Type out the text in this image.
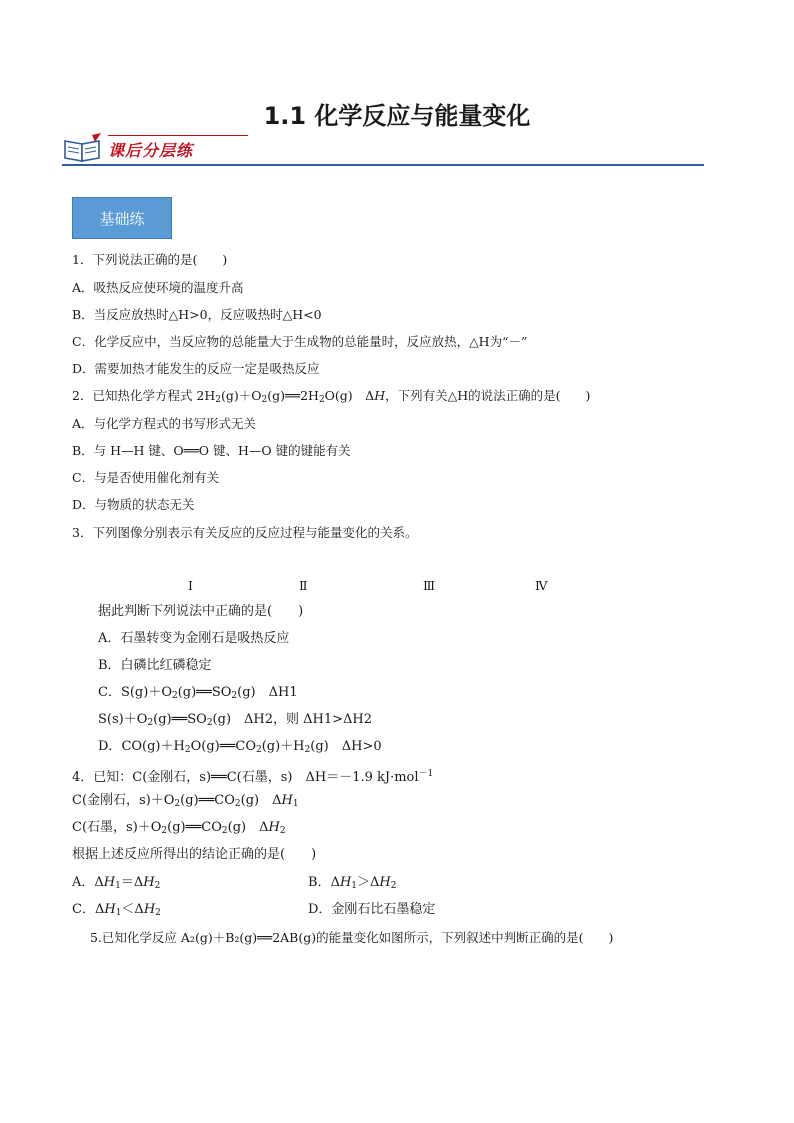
1.1 化学反应与能量变化
课后分层练
基础练
1．下列说法正确的是(　　)
A．吸热反应使环境的温度升高
B．当反应放热时△H>0，反应吸热时△H<0
C．化学反应中，当反应物的总能量大于生成物的总能量时，反应放热，△H为“－”
D．需要加热才能发生的反应一定是吸热反应
2．已知热化学方程式 $2H_2(g)+O_2(g)══2H_2O(g)$　ΔH，下列有关△H的说法正确的是(　　)
A．与化学方程式的书写形式无关
B．与 H—H 键、O══O 键、H—O 键的键能有关
C．与是否使用催化剂有关
D．与物质的状态无关
3．下列图像分别表示有关反应的反应过程与能量变化的关系。
Ⅰ	Ⅱ	Ⅲ	Ⅳ
据此判断下列说法中正确的是(　　)
A．石墨转变为金刚石是吸热反应
B．白磷比红磷稳定
C．$S(g)+O_2(g)══SO_2(g)$　ΔH1
$S(s)+O_2(g)══SO_2(g)$　ΔH2，则 ΔH1>ΔH2
D．$CO(g)+H_2O(g)══CO_2(g)+H_2(g)$　ΔH>0
4．已知：C(金刚石，s)══C(石墨，s)　ΔH＝－1.9 kJ·mol$^{-1}$
C(金刚石，$s)+O_2(g)══CO_2(g)$　$\Delta H_1$
C(石墨，$s)+O_2(g)══CO_2(g)$　$\Delta H_2$
根据上述反应所得出的结论正确的是(　　)
A．$\Delta H_1=\Delta H_2$	B．$\Delta H_1>\Delta H_2$
C．$\Delta H_1<\Delta H_2$	D．金刚石比石墨稳定
5.已知化学反应 A₂(g)＋B₂(g)══2AB(g)的能量变化如图所示，下列叙述中判断正确的是(　　)
